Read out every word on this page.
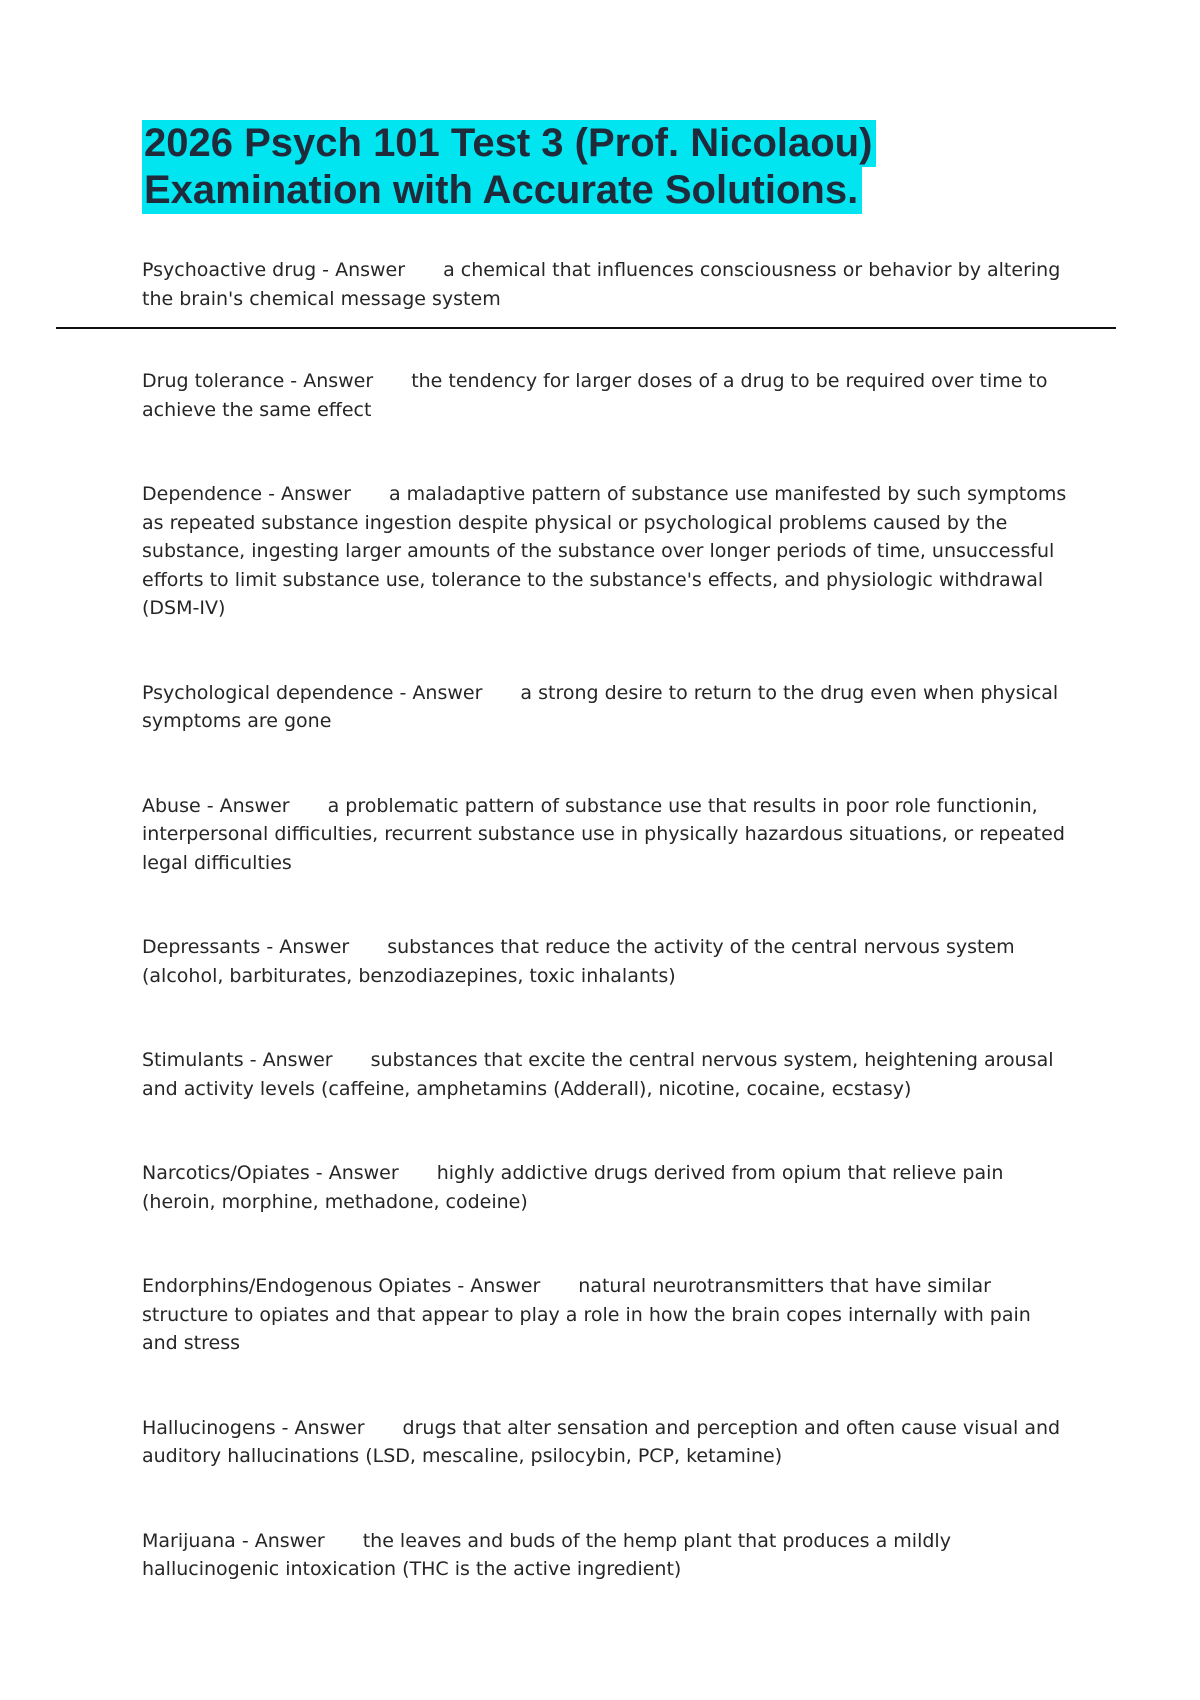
2026 Psych 101 Test 3 (Prof. Nicolaou)
Examination with Accurate Solutions.

Psychoactive drug - Answer a chemical that influences consciousness or behavior by altering the brain's chemical message system

Drug tolerance - Answer the tendency for larger doses of a drug to be required over time to achieve the same effect

Dependence - Answer a maladaptive pattern of substance use manifested by such symptoms as repeated substance ingestion despite physical or psychological problems caused by the substance, ingesting larger amounts of the substance over longer periods of time, unsuccessful efforts to limit substance use, tolerance to the substance's effects, and physiologic withdrawal (DSM-IV)

Psychological dependence - Answer a strong desire to return to the drug even when physical symptoms are gone

Abuse - Answer a problematic pattern of substance use that results in poor role functionin, interpersonal difficulties, recurrent substance use in physically hazardous situations, or repeated legal difficulties

Depressants - Answer substances that reduce the activity of the central nervous system (alcohol, barbiturates, benzodiazepines, toxic inhalants)

Stimulants - Answer substances that excite the central nervous system, heightening arousal and activity levels (caffeine, amphetamins (Adderall), nicotine, cocaine, ecstasy)

Narcotics/Opiates - Answer highly addictive drugs derived from opium that relieve pain (heroin, morphine, methadone, codeine)

Endorphins/Endogenous Opiates - Answer natural neurotransmitters that have similar structure to opiates and that appear to play a role in how the brain copes internally with pain and stress

Hallucinogens - Answer drugs that alter sensation and perception and often cause visual and auditory hallucinations (LSD, mescaline, psilocybin, PCP, ketamine)

Marijuana - Answer the leaves and buds of the hemp plant that produces a mildly hallucinogenic intoxication (THC is the active ingredient)
